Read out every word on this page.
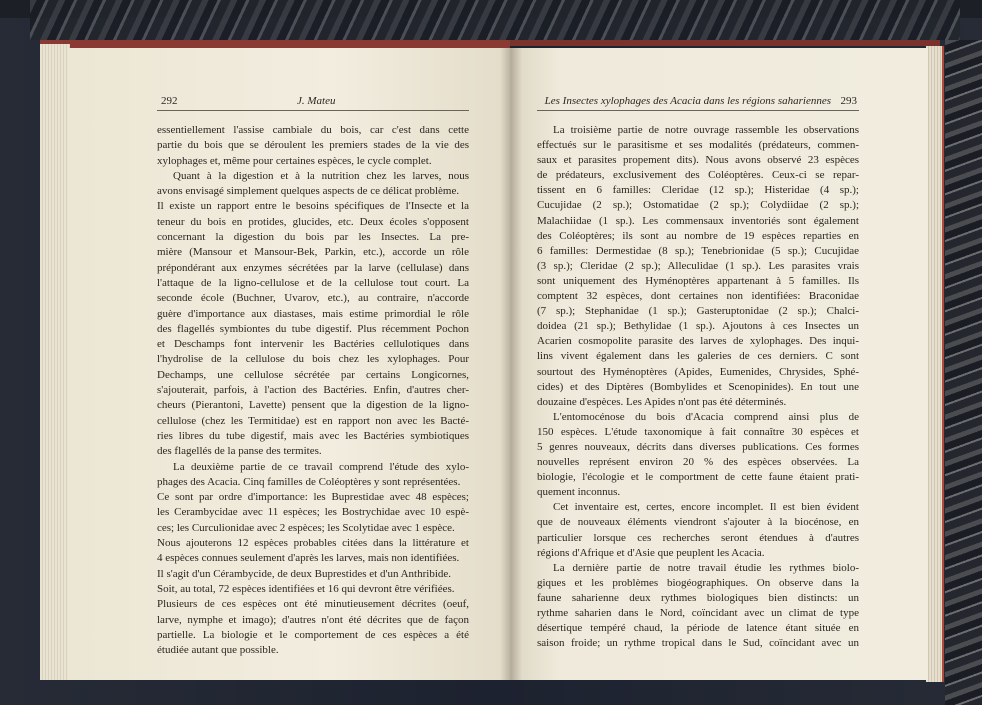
292	J. Mateu	Les Insectes xylophages des Acacia dans les régions sahariennes 293
essentiellement l'assise cambiale du bois, car c'est dans cette
partie du bois que se déroulent les premiers stades de la vie des
xylophages et, même pour certaines espèces, le cycle complet.
Quant à la digestion et à la nutrition chez les larves, nous
avons envisagé simplement quelques aspects de ce délicat problème.
Il existe un rapport entre le besoins spécifiques de l'Insecte et la
teneur du bois en protides, glucides, etc. Deux écoles s'opposent
concernant la digestion du bois par les Insectes. La pre-
mière (Mansour et Mansour-Bek, Parkin, etc.), accorde un rôle
prépondérant aux enzymes sécrétées par la larve (cellulase) dans
l'attaque de la ligno-cellulose et de la cellulose tout court. La
seconde école (Buchner, Uvarov, etc.), au contraire, n'accorde
guère d'importance aux diastases, mais estime primordial le rôle
des flagellés symbiontes du tube digestif. Plus récemment Pochon
et Deschamps font intervenir les Bactéries cellulotiques dans
l'hydrolise de la cellulose du bois chez les xylophages. Pour
Dechamps, une cellulose sécrétée par certains Longicornes,
s'ajouterait, parfois, à l'action des Bactéries. Enfin, d'autres cher-
cheurs (Pierantoni, Lavette) pensent que la digestion de la ligno-
cellulose (chez les Termitidae) est en rapport non avec les Bacté-
ries libres du tube digestif, mais avec les Bactéries symbiotiques
des flagellés de la panse des termites.
La deuxième partie de ce travail comprend l'étude des xylo-
phages des Acacia. Cinq familles de Coléoptères y sont représentées.
Ce sont par ordre d'importance: les Buprestidae avec 48 espèces;
les Cerambycidae avec 11 espèces; les Bostrychidae avec 10 espè-
ces; les Curculionidae avec 2 espèces; les Scolytidae avec 1 espèce.
Nous ajouterons 12 espèces probables citées dans la littérature et
4 espèces connues seulement d'après les larves, mais non identifiées.
Il s'agit d'un Cérambycide, de deux Buprestides et d'un Anthribide.
Soit, au total, 72 espèces identifiées et 16 qui devront être vérifiées.
Plusieurs de ces espèces ont été minutieusement décrites (oeuf,
larve, nymphe et imago); d'autres n'ont été décrites que de façon
partielle. La biologie et le comportement de ces espèces a été
étudiée autant que possible.
La troisième partie de notre ouvrage rassemble les observations
effectués sur le parasitisme et ses modalités (prédateurs, commen-
saux et parasites propement dits). Nous avons observé 23 espèces
de prédateurs, exclusivement des Coléoptères. Ceux-ci se repar-
tissent en 6 familles: Cleridae (12 sp.); Histeridae (4 sp.);
Cucujidae (2 sp.); Ostomatidae (2 sp.); Colydiidae (2 sp.);
Malachiidae (1 sp.). Les commensaux inventoriés sont également
des Coléoptères; ils sont au nombre de 19 espèces reparties en
6 familles: Dermestidae (8 sp.); Tenebrionidae (5 sp.); Cucujidae
(3 sp.); Cleridae (2 sp.); Alleculidae (1 sp.). Les parasites vrais
sont uniquement des Hyménoptères appartenant à 5 familles. Ils
comptent 32 espèces, dont certaines non identifiées: Braconidae
(7 sp.); Stephanidae (1 sp.); Gasteruptonidae (2 sp.); Chalci-
doidea (21 sp.); Bethylidae (1 sp.). Ajoutons à ces Insectes un
Acarien cosmopolite parasite des larves de xylophages. Des inqui-
lins vivent également dans les galeries de ces derniers. C sont
sourtout des Hyménoptères (Apides, Eumenides, Chrysides, Sphé-
cides) et des Diptères (Bombylides et Scenopinides). En tout une
douzaine d'espèces. Les Apides n'ont pas été déterminés.
L'entomocénose du bois d'Acacia comprend ainsi plus de
150 espèces. L'étude taxonomique à fait connaître 30 espèces et
5 genres nouveaux, décrits dans diverses publications. Ces formes
nouvelles représent environ 20 % des espèces observées. La
biologie, l'écologie et le comportment de cette faune étaient prati-
quement inconnus.
Cet inventaire est, certes, encore incomplet. Il est bien évident
que de nouveaux éléments viendront s'ajouter à la biocénose, en
particulier lorsque ces recherches seront étendues à d'autres
régions d'Afrique et d'Asie que peuplent les Acacia.
La dernière partie de notre travail étudie les rythmes biolo-
giques et les problèmes biogéographiques. On observe dans la
faune saharienne deux rythmes biologiques bien distincts: un
rythme saharien dans le Nord, coïncidant avec un climat de type
désertique tempéré chaud, la période de latence étant située en
saison froide; un rythme tropical dans le Sud, coïncidant avec un
